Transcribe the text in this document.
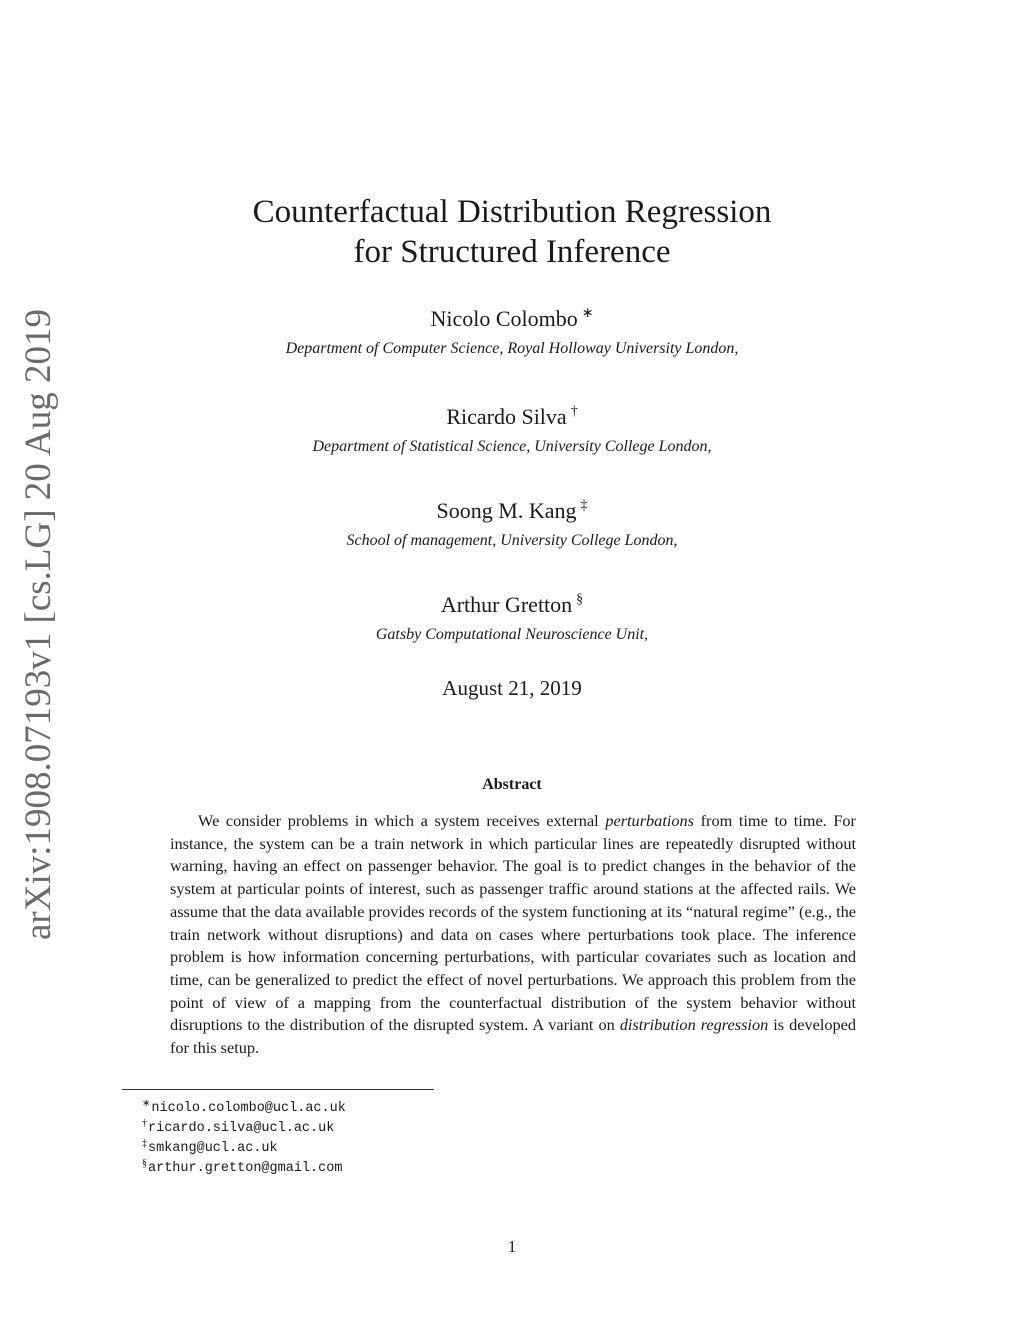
arXiv:1908.07193v1 [cs.LG] 20 Aug 2019
Counterfactual Distribution Regression
for Structured Inference
Nicolo Colombo ∗
Department of Computer Science, Royal Holloway University London,
Ricardo Silva †
Department of Statistical Science, University College London,
Soong M. Kang ‡
School of management, University College London,
Arthur Gretton §
Gatsby Computational Neuroscience Unit,
August 21, 2019
Abstract

We consider problems in which a system receives external perturbations from time to time. For instance, the system can be a train network in which particular lines are repeatedly disrupted without warning, having an effect on passenger behavior. The goal is to predict changes in the behavior of the system at particular points of interest, such as passenger traffic around stations at the affected rails. We assume that the data available provides records of the system functioning at its “natural regime” (e.g., the train network without disruptions) and data on cases where perturbations took place. The inference problem is how information concerning perturbations, with particular covariates such as location and time, can be generalized to predict the effect of novel perturbations. We approach this problem from the point of view of a mapping from the counterfactual distribution of the system behavior without disruptions to the distribution of the disrupted system. A variant on distribution regression is developed for this setup.

∗nicolo.colombo@ucl.ac.uk
†ricardo.silva@ucl.ac.uk
‡smkang@ucl.ac.uk
§arthur.gretton@gmail.com
1
